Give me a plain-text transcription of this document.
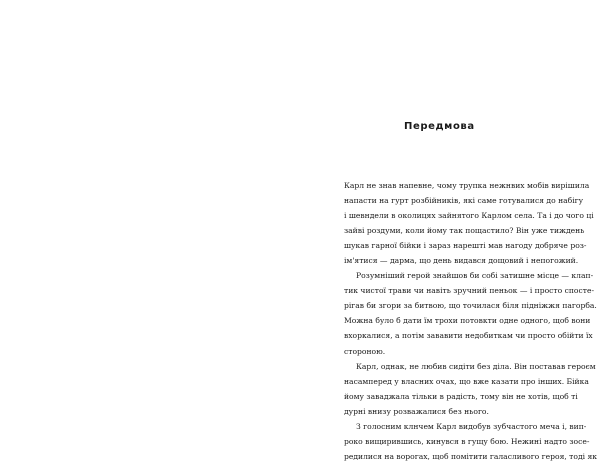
Передмова
Карл не знав напевне, чому трупка нежнвих мобів вирішила
напасти на гурт розбійників, які саме готувалися до набігу
і шевндели в околицях зайнятого Карлом села. Та і до чого ці
зайві роздуми, коли йому так пощастило? Він уже тиждень
шукав гарної бійки і зараз нарешті мав нагоду добряче роз-
ім'ятися — дарма, що день видався дощовий і непогожий.
Розумніший герой знайшов би собі затишне місце — клап-
тик чистої трави чи навіть зручний пеньок — і просто спосте-
рігав би згори за битвою, що точилася біля підніжжя пагорба.
Можна було б дати їм трохи потовкти одне одного, щоб вони
вхоркалися, а потім зававити недобиткам чи просто обійти їх
стороною.
Карл, однак, не любив сидіти без діла. Він поставав героєм
насамперед у власних очах, що вже казати про інших. Бійка
йому заваджала тільки в радість, тому він не хотів, щоб ті
дурні внизу розважалися без нього.
З голосним клнчем Карл видобув зубчастого меча і, вип-
роко вищирившись, кинувся в гущу бою. Нежині надто зосе-
редилися на ворогах, щоб помітити галасливого героя, тоді як
